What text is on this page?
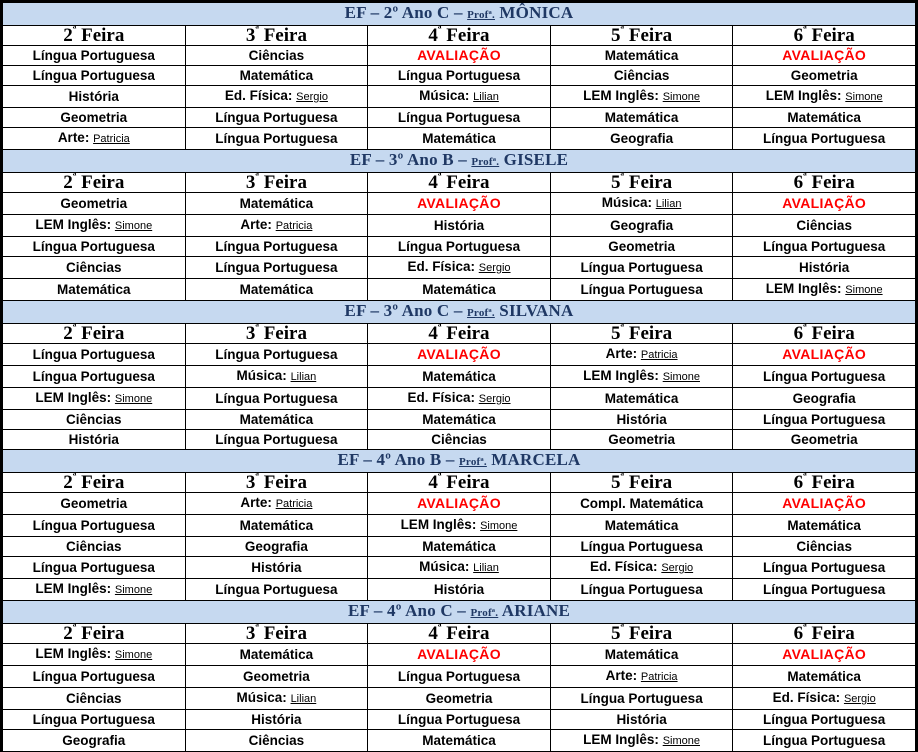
EF – 2º Ano C – Profª. MÔNICA				
$2^ª$ Feira	$3^ª$ Feira	$4^ª$ Feira	$5^ª$ Feira	$6^ª$ Feira
Língua Portuguesa	Ciências	AVALIAÇÃO	Matemática	AVALIAÇÃO
Língua Portuguesa	Matemática	Língua Portuguesa	Ciências	Geometria
História	Ed. Física: Sergio	Música: Lilian	LEM Inglês: Simone	LEM Inglês: Simone
Geometria	Língua Portuguesa	Língua Portuguesa	Matemática	Matemática
Arte: Patricia	Língua Portuguesa	Matemática	Geografia	Língua Portuguesa
EF – 3º Ano B – Profª. GISELE				
$2^ª$ Feira	$3^ª$ Feira	$4^ª$ Feira	$5^ª$ Feira	$6^ª$ Feira
Geometria	Matemática	AVALIAÇÃO	Música: Lilian	AVALIAÇÃO
LEM Inglês: Simone	Arte: Patricia	História	Geografia	Ciências
Língua Portuguesa	Língua Portuguesa	Língua Portuguesa	Geometria	Língua Portuguesa
Ciências	Língua Portuguesa	Ed. Física: Sergio	Língua Portuguesa	História
Matemática	Matemática	Matemática	Língua Portuguesa	LEM Inglês: Simone
EF – 3º Ano C – Profª. SILVANA				
$2^ª$ Feira	$3^ª$ Feira	$4^ª$ Feira	$5^ª$ Feira	$6^ª$ Feira
Língua Portuguesa	Língua Portuguesa	AVALIAÇÃO	Arte: Patricia	AVALIAÇÃO
Língua Portuguesa	Música: Lilian	Matemática	LEM Inglês: Simone	Língua Portuguesa
LEM Inglês: Simone	Língua Portuguesa	Ed. Física: Sergio	Matemática	Geografia
Ciências	Matemática	Matemática	História	Língua Portuguesa
História	Língua Portuguesa	Ciências	Geometria	Geometria
EF – 4º Ano B – Profª. MARCELA				
$2^ª$ Feira	$3^ª$ Feira	$4^ª$ Feira	$5^ª$ Feira	$6^ª$ Feira
Geometria	Arte: Patricia	AVALIAÇÃO	Compl. Matemática	AVALIAÇÃO
Língua Portuguesa	Matemática	LEM Inglês: Simone	Matemática	Matemática
Ciências	Geografia	Matemática	Língua Portuguesa	Ciências
Língua Portuguesa	História	Música: Lilian	Ed. Física: Sergio	Língua Portuguesa
LEM Inglês: Simone	Língua Portuguesa	História	Língua Portuguesa	Língua Portuguesa
EF – 4º Ano C – Profª. ARIANE				
$2^ª$ Feira	$3^ª$ Feira	$4^ª$ Feira	$5^ª$ Feira	$6^ª$ Feira
LEM Inglês: Simone	Matemática	AVALIAÇÃO	Matemática	AVALIAÇÃO
Língua Portuguesa	Geometria	Língua Portuguesa	Arte: Patricia	Matemática
Ciências	Música: Lilian	Geometria	Língua Portuguesa	Ed. Física: Sergio
Língua Portuguesa	História	Língua Portuguesa	História	Língua Portuguesa
Geografia	Ciências	Matemática	LEM Inglês: Simone	Língua Portuguesa
